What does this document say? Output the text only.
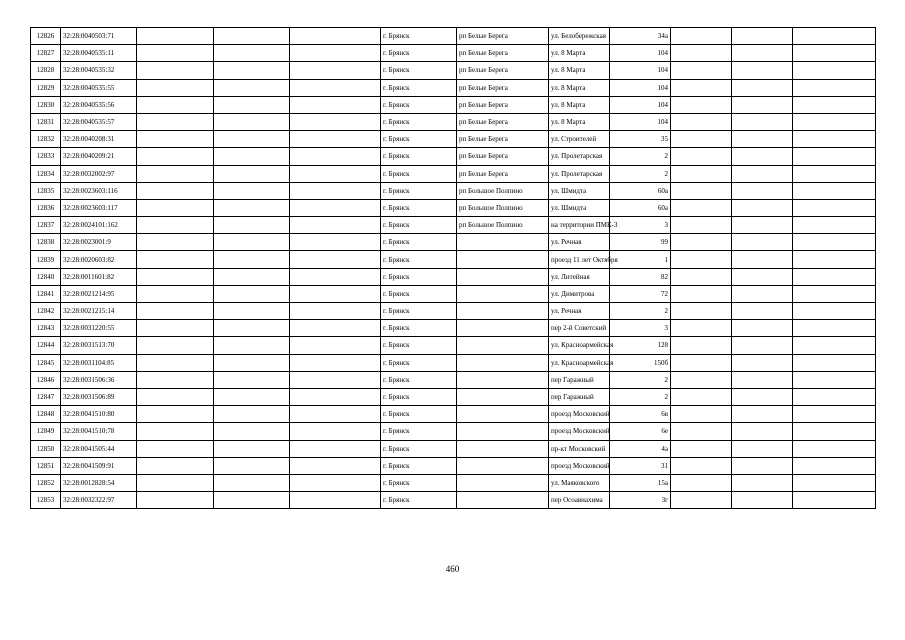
12826	32:28:0040503:71				г. Брянск	рп Белые Берега	ул. Белобережская	34а			
12827	32:28:0040535:11				г. Брянск	рп Белые Берега	ул. 8 Марта	104			
12828	32:28:0040535:32				г. Брянск	рп Белые Берега	ул. 8 Марта	104			
12829	32:28:0040535:55				г. Брянск	рп Белые Берега	ул. 8 Марта	104			
12830	32:28:0040535:56				г. Брянск	рп Белые Берега	ул. 8 Марта	104			
12831	32:28:0040535:57				г. Брянск	рп Белые Берега	ул. 8 Марта	104			
12832	32:28:0040208:31				г. Брянск	рп Белые Берега	ул. Строителей	35			
12833	32:28:0040209:21				г. Брянск	рп Белые Берега	ул. Пролетарская	2			
12834	32:28:0032002:97				г. Брянск	рп Белые Берега	ул. Пролетарская	2			
12835	32:28:0023603:116				г. Брянск	рп Большое Полпино	ул. Шмидта	60а			
12836	32:28:0023603:117				г. Брянск	рп Большое Полпино	ул. Шмидта	60а			
12837	32:28:0024101:162				г. Брянск	рп Большое Полпино	на территории ПМК-3	3			
12838	32:28:0023001:9				г. Брянск		ул. Речная	99			
12839	32:28:0020603:82				г. Брянск		проезд 11 лет Октября	1			
12840	32:28:0011601:82				г. Брянск		ул. Литейная	82			
12841	32:28:0021214:95				г. Брянск		ул. Димитрова	72			
12842	32:28:0021215:14				г. Брянск		ул. Речная	2			
12843	32:28:0031220:55				г. Брянск		пер 2-й Советский	3			
12844	32:28:0031513:70				г. Брянск		ул. Красноармейская	128			
12845	32:28:0031104:85				г. Брянск		ул. Красноармейская	150б			
12846	32:28:0031506:36				г. Брянск		пер Гаражный	2			
12847	32:28:0031506:89				г. Брянск		пер Гаражный	2			
12848	32:28:0041510:80				г. Брянск		проезд Московский	6в			
12849	32:28:0041510:78				г. Брянск		проезд Московский	6е			
12850	32:28:0041505:44				г. Брянск		пр-кт Московский	4а			
12851	32:28:0041509:91				г. Брянск		проезд Московский	31			
12852	32:28:0012828:54				г. Брянск		ул. Маяковского	15а			
12853	32:28:0032322:97				г. Брянск		пер Осоавиахима	3г			
460
